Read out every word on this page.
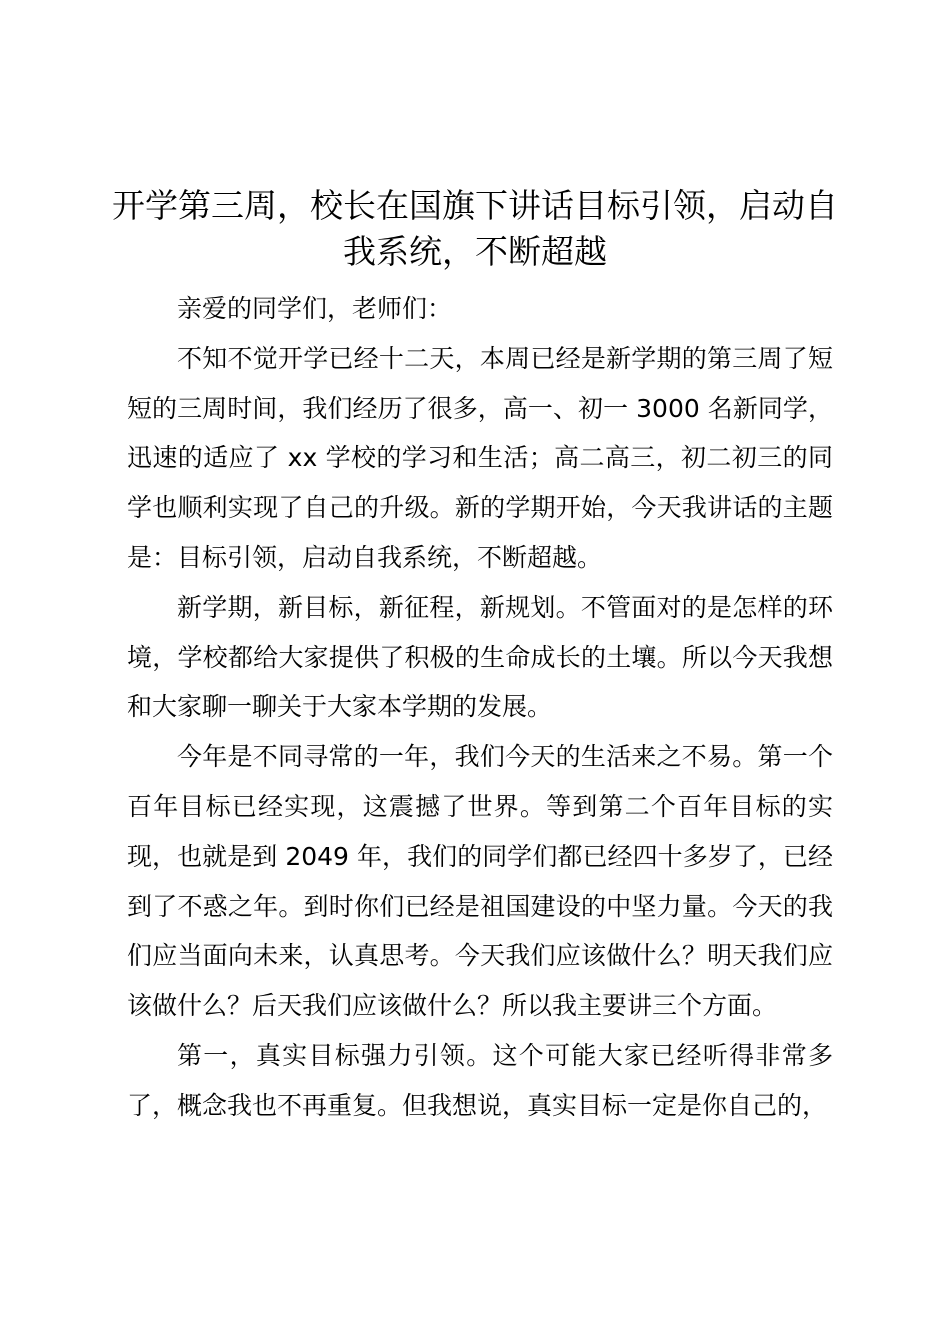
开学第三周，校长在国旗下讲话目标引领，启动自我系统，不断超越

亲爱的同学们，老师们：

不知不觉开学已经十二天，本周已经是新学期的第三周了短短的三周时间，我们经历了很多，高一、初一 3000 名新同学，迅速的适应了 xx 学校的学习和生活；高二高三，初二初三的同学也顺利实现了自己的升级。新的学期开始，今天我讲话的主题是：目标引领，启动自我系统，不断超越。

新学期，新目标，新征程，新规划。不管面对的是怎样的环境，学校都给大家提供了积极的生命成长的土壤。所以今天我想和大家聊一聊关于大家本学期的发展。

今年是不同寻常的一年，我们今天的生活来之不易。第一个百年目标已经实现，这震撼了世界。等到第二个百年目标的实现，也就是到 2049 年，我们的同学们都已经四十多岁了，已经到了不惑之年。到时你们已经是祖国建设的中坚力量。今天的我们应当面向未来，认真思考。今天我们应该做什么？明天我们应该做什么？后天我们应该做什么？所以我主要讲三个方面。

第一，真实目标强力引领。这个可能大家已经听得非常多了，概念我也不再重复。但我想说，真实目标一定是你自己的，
